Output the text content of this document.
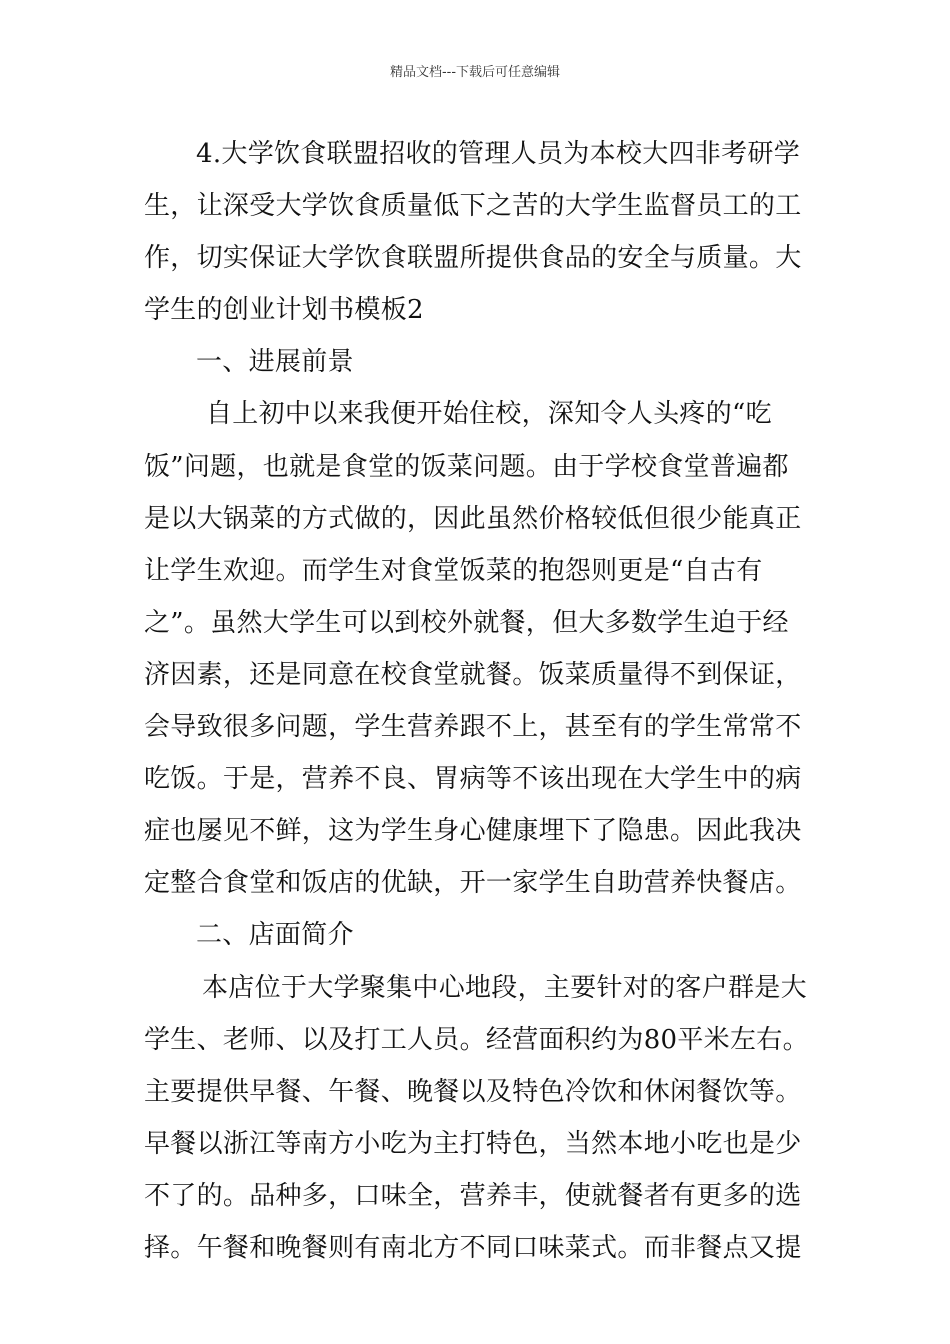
精品文档---下载后可任意编辑
4.大学饮食联盟招收的管理人员为本校大四非考研学
生，让深受大学饮食质量低下之苦的大学生监督员工的工
作，切实保证大学饮食联盟所提供食品的安全与质量。大
学生的创业计划书模板2
一、进展前景
自上初中以来我便开始住校，深知令人头疼的“吃
饭”问题，也就是食堂的饭菜问题。由于学校食堂普遍都
是以大锅菜的方式做的，因此虽然价格较低但很少能真正
让学生欢迎。而学生对食堂饭菜的抱怨则更是“自古有
之”。虽然大学生可以到校外就餐，但大多数学生迫于经
济因素，还是同意在校食堂就餐。饭菜质量得不到保证，
会导致很多问题，学生营养跟不上，甚至有的学生常常不
吃饭。于是，营养不良、胃病等不该出现在大学生中的病
症也屡见不鲜，这为学生身心健康埋下了隐患。因此我决
定整合食堂和饭店的优缺，开一家学生自助营养快餐店。
二、店面简介
本店位于大学聚集中心地段，主要针对的客户群是大
学生、老师、以及打工人员。经营面积约为80平米左右。
主要提供早餐、午餐、晚餐以及特色冷饮和休闲餐饮等。
早餐以浙江等南方小吃为主打特色，当然本地小吃也是少
不了的。品种多，口味全，营养丰，使就餐者有更多的选
择。午餐和晚餐则有南北方不同口味菜式。而非餐点又提
